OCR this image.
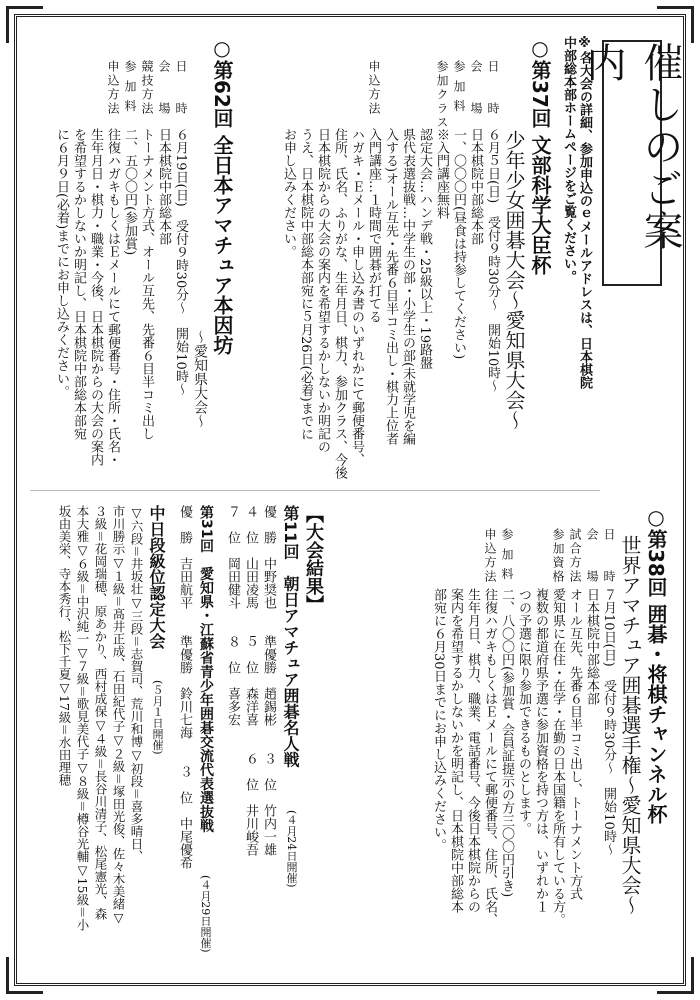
催しのご案内
※各大会の詳細、参加申込のｅメールアドレスは、日本棋院
中部総本部ホームページをご覧ください。
○第37回 文部科学大臣杯
少年少女囲碁大会～愛知県大会～
日　　時
会　　場
参 加 料
参加クラス
申込方法
６月５日(日)　受付９時30分～　開始10時～
日本棋院中部総本部
一、〇〇〇円(昼食は持参してください)
※入門講座無料
認定大会…ハンデ戦・25級以上・19路盤
県代表選抜戦…中学生の部・小学生の部(未就学児を編
入する)オール互先・先番６目半コミ出し・棋力上位者
入門講座…１時間で囲碁が打てる
ハガキ・Ｅメール・申し込み書のいずれかにて郵便番号、
住所、氏名、ふりがな、生年月日、棋力、参加クラス、今後
日本棋院からの大会の案内を希望するかしないか明記の
うえ、日本棋院中部総本部宛に５月26日(必着)までに
お申し込みください。
○第62回 全日本アマチュア本因坊
～愛知県大会～
日　　時
会　　場
競技方法
参 加 料
申込方法
６月19日(日)　受付９時30分～　開始10時～
日本棋院中部総本部
トーナメント方式、オール互先、先番６目半コミ出し
二、五〇〇円(参加賞)
往復ハガキもしくはＥメールにて郵便番号・住所・氏名・
生年月日・棋力・職業・今後、日本棋院からの大会の案内
を希望するかしないか明記し、日本棋院中部総本部宛
に６月９日(必着)までにお申し込みください。
○第38回 囲碁・将棋チャンネル杯
世界アマチュア囲碁選手権～愛知県大会～
日　　時
会　　場
試合方法
参加資格
参 加 料
申込方法
７月10日(日)　受付９時30分～　開始10時～
日本棋院中部総本部
オール互先、先番６目半コミ出し、トーナメント方式
愛知県に在住・在学・在勤の日本国籍を所有している方。
複数の都道府県予選に参加資格を持つ方は、いずれか１
つの予選に限り参加できるものとします。
二、八〇〇円(参加賞・会員証提示の方三〇〇円引き)
往復ハガキもしくはＥメールにて郵便番号、住所、氏名、
生年月日、棋力、職業、電話番号、今後日本棋院からの
案内を希望するかしないかを明記し、日本棋院中部総本
部宛に６月30日までにお申し込みください。
【大会結果】
第11回　朝日アマチュア囲碁名人戦
(４月24日開催)
優　勝　中野奨也　　準優勝　趙錫彬　　３　位　竹内一雄
４　位　山田凌馬　　５　位　森洋喜　　６　位　井川峻吾
７　位　岡田健斗　　８　位　喜多宏
第31回　愛知県・江蘇省青少年囲碁交流代表選抜戦
(４月29日開催)
優　勝　吉田航平　　準優勝　鈴川七海　　３　位　中尾優希
中日段級位認定大会
(５月１日開催)
▽六段＝井坂壮▽三段＝志賀司、荒川和博▽初段＝喜多晴日、
市川勝示▽１級＝髙井正成、石田紀代子▽２級＝塚田光俊、佐々木美緒▽
３級＝花岡瑞穂、原あかり、西村成保▽４級＝長谷川清子、松尾憲光、森
本大雅▽６級＝中沢純一▽７級＝歌見美代子▽８級＝樽谷光輔▽15級＝小
坂由美栄、寺本秀行、松下千夏▽17級＝水田理穂
